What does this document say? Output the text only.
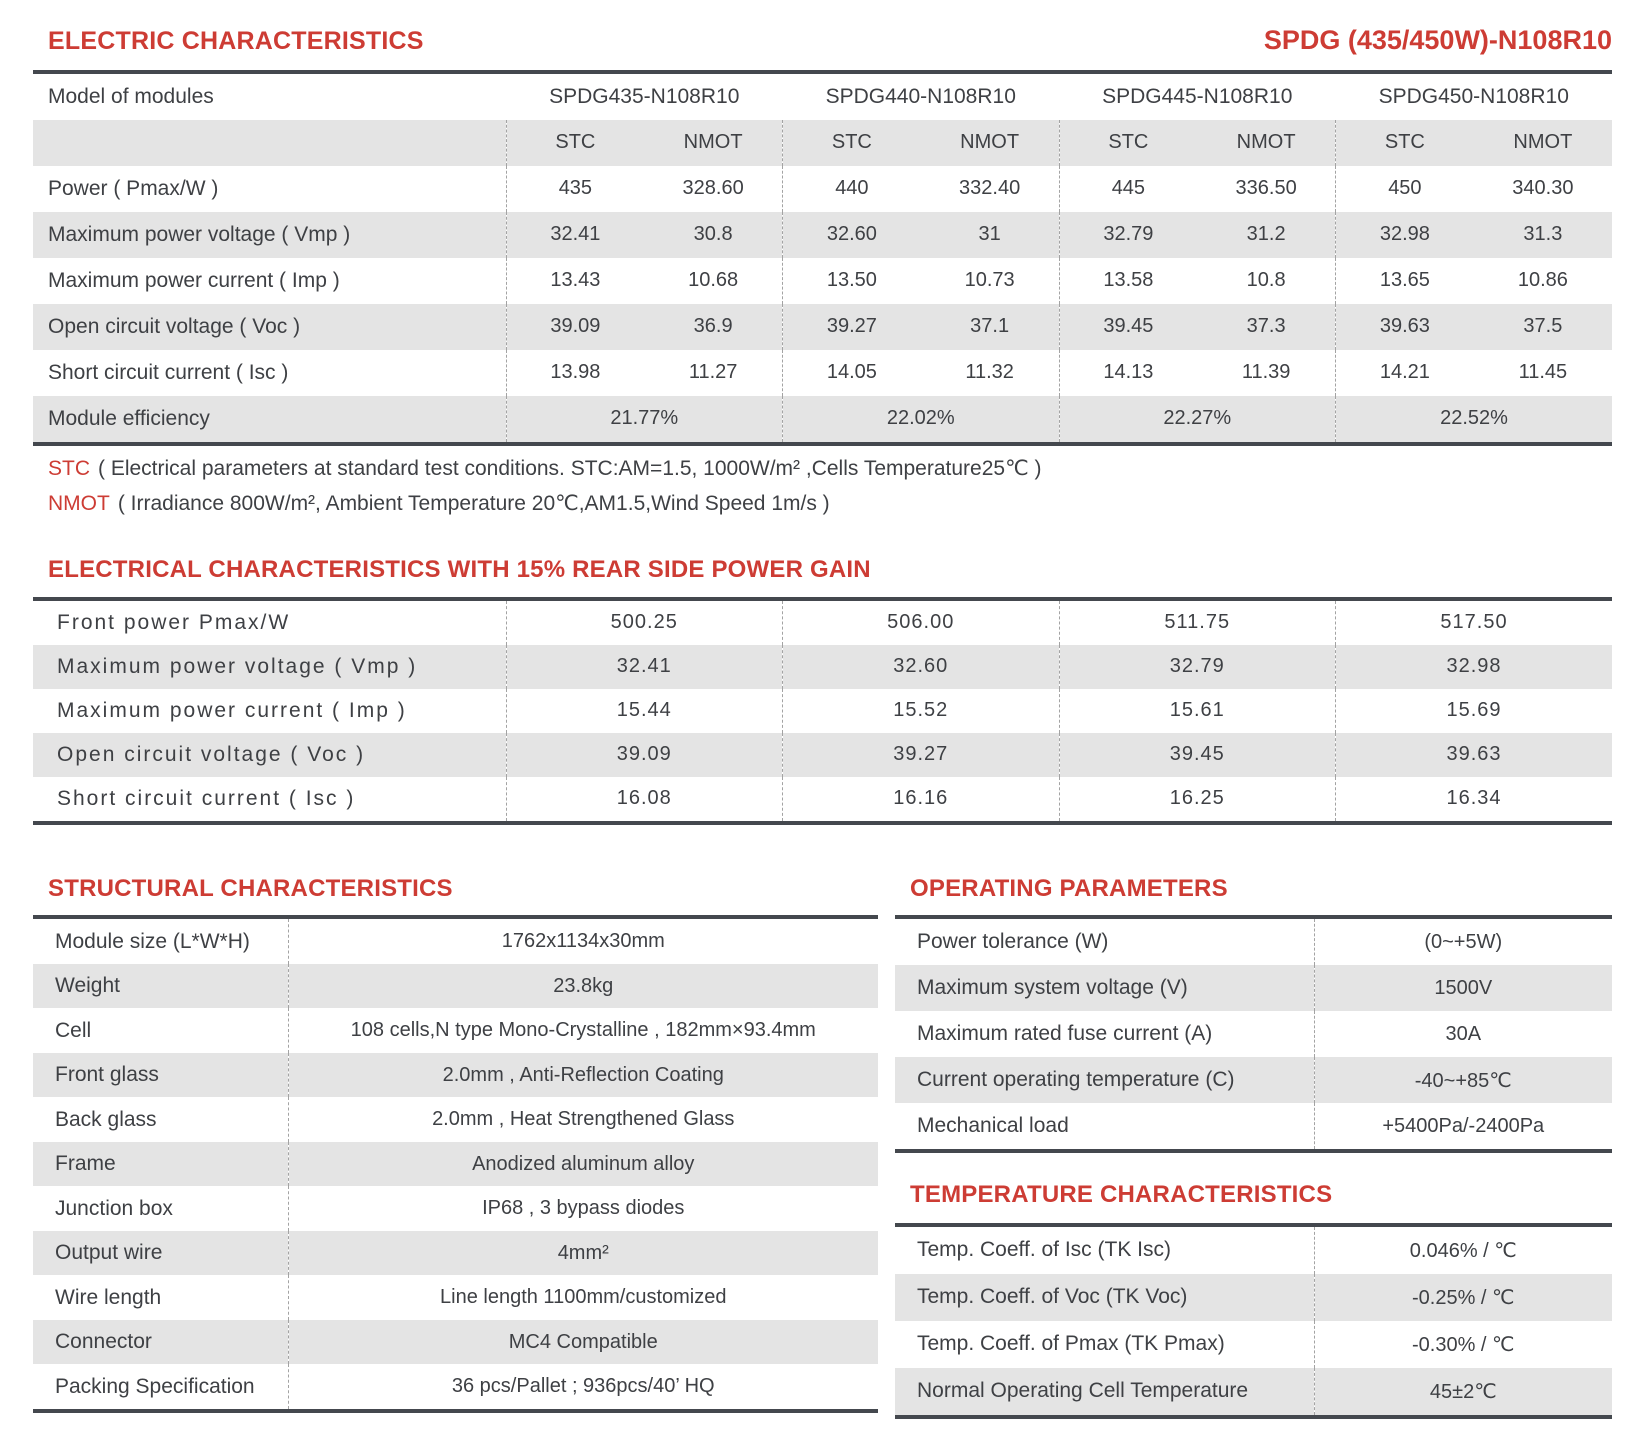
ELECTRIC CHARACTERISTICS	SPDG (435/450W)-N108R10
Model of modules	SPDG435-N108R10		SPDG440-N108R10		SPDG445-N108R10		SPDG450-N108R10	
	STC	NMOT	STC	NMOT	STC	NMOT	STC	NMOT
Power ( Pmax/W )	435	328.60	440	332.40	445	336.50	450	340.30
Maximum power voltage ( Vmp )	32.41	30.8	32.60	31	32.79	31.2	32.98	31.3
Maximum power current ( Imp )	13.43	10.68	13.50	10.73	13.58	10.8	13.65	10.86
Open circuit voltage ( Voc )	39.09	36.9	39.27	37.1	39.45	37.3	39.63	37.5
Short circuit current ( Isc )	13.98	11.27	14.05	11.32	14.13	11.39	14.21	11.45
Module efficiency	21.77%		22.02%		22.27%		22.52%	

STC ( Electrical parameters at standard test conditions. STC:AM=1.5, 1000W/m² ,Cells Temperature25℃ )

NMOT ( Irradiance 800W/m², Ambient Temperature 20℃,AM1.5,Wind Speed 1m/s )

ELECTRICAL CHARACTERISTICS WITH 15% REAR SIDE POWER GAIN
Front power Pmax/W	500.25	506.00	511.75	517.50
Maximum power voltage ( Vmp )	32.41	32.60	32.79	32.98
Maximum power current ( Imp )	15.44	15.52	15.61	15.69
Open circuit voltage ( Voc )	39.09	39.27	39.45	39.63
Short circuit current ( Isc )	16.08	16.16	16.25	16.34
STRUCTURAL CHARACTERISTICS
Module size (L*W*H)	1762x1134x30mm
Weight	23.8kg
Cell	108 cells,N type Mono-Crystalline , 182mm×93.4mm
Front glass	2.0mm , Anti-Reflection Coating
Back glass	2.0mm , Heat Strengthened Glass
Frame	Anodized aluminum alloy
Junction box	IP68 , 3 bypass diodes
Output wire	4mm²
Wire length	Line length 1100mm/customized
Connector	MC4 Compatible
Packing Specification	36 pcs/Pallet ; 936pcs/40’ HQ
OPERATING PARAMETERS
Power tolerance (W)	(0~+5W)
Maximum system voltage (V)	1500V
Maximum rated fuse current (A)	30A
Current operating temperature (C)	-40~+85℃
Mechanical load	+5400Pa/-2400Pa
TEMPERATURE CHARACTERISTICS
Temp. Coeff. of Isc (TK Isc)	0.046% / ℃
Temp. Coeff. of Voc (TK Voc)	-0.25% / ℃
Temp. Coeff. of Pmax (TK Pmax)	-0.30% / ℃
Normal Operating Cell Temperature	45±2℃
